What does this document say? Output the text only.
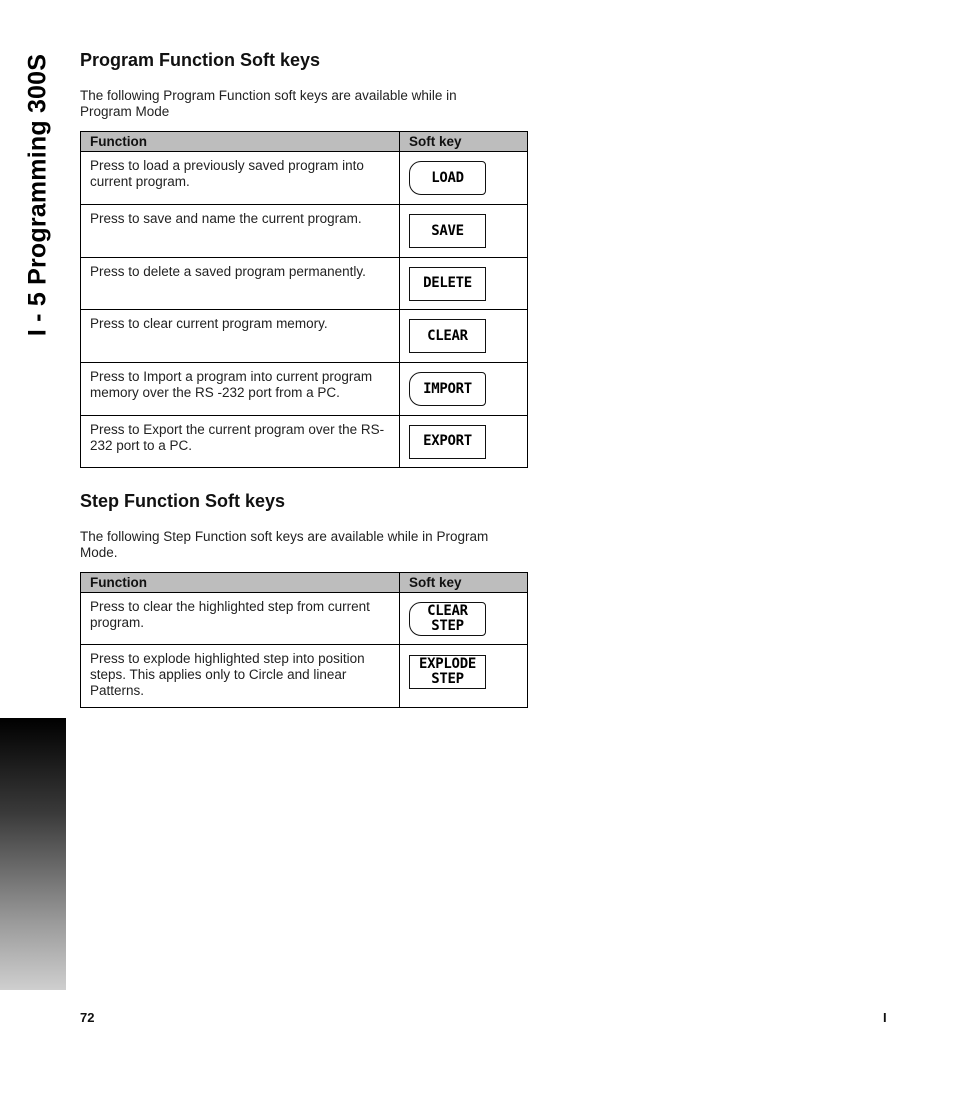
I - 5 Programming 300S Program Function Soft keys

The following Program Function soft keys are available while in Program Mode

Function	Soft key
Press to load a previously saved program into current program.	LOAD

Press to save and name the current program.	SAVE

Press to delete a saved program permanently.	DELETE

Press to clear current program memory.	CLEAR

Press to Import a program into current program memory over the RS -232 port from a PC.	IMPORT

Press to Export the current program over the RS-232 port to a PC.	EXPORT
Step Function Soft keys

The following Step Function soft keys are available while in Program Mode.

Function	Soft key
Press to clear the highlighted step from current program.	CLEAR
STEP

Press to explode highlighted step into position steps. This applies only to Circle and linear Patterns.	EXPLODE
STEP
72	I
